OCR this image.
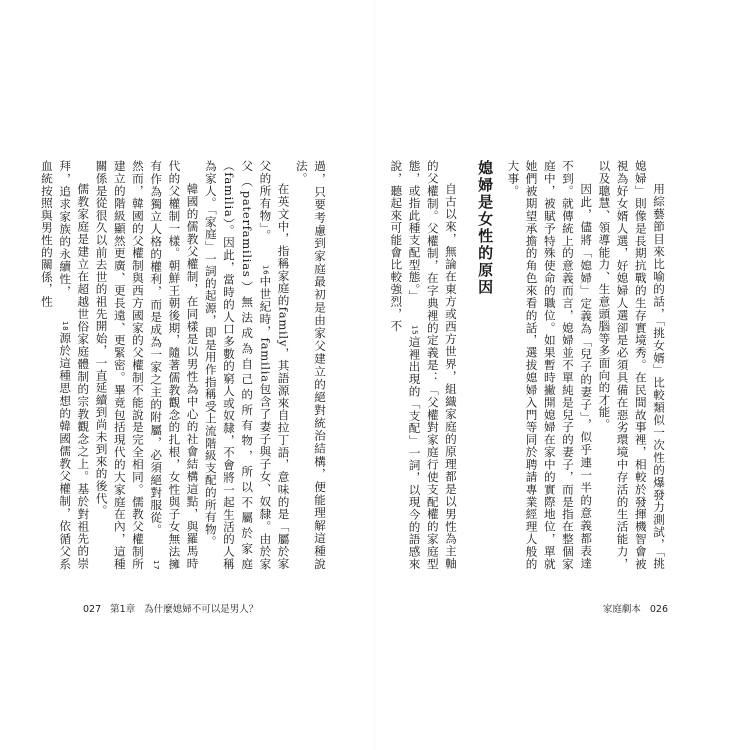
用綜藝節目來比喻的話，「挑女婿」比較類似一次性的爆發力測試，「挑媳婦」則像是長期抗戰的生存實境秀。在民間故事裡，相較於發揮機智會被視為好女婿人選，好媳婦人選卻是必須具備在惡劣環境中存活的生活能力，以及聰慧、領導能力、生意頭腦等多面向的才能。

因此，儘將「媳婦」定義為「兒子的妻子」，似乎連一半的意義都表達不到。就傳統上的意義而言，媳婦並不單純是兒子的妻子，而是指在整個家庭中，被賦予特殊使命的職位。如果暫時撇開媳婦在家中的實際地位，單就她們被期望承擔的角色來看的話，選拔媳婦入門等同於聘請專業經理人般的大事。

媳婦是女性的原因

自古以來，無論在東方或西方世界，組織家庭的原理都是以男性為主軸的父權制。父權制，在字典裡的定義是：「父權對家庭行使支配權的家庭型態，或指此種支配型態。」15這裡出現的「支配」一詞，以現今的語感來說，聽起來可能會比較強烈，不

過，只要考慮到家庭最初是由家父建立的絕對統治結構，便能理解這種說法。

在英文中，指稱家庭的family，其語源來自拉丁語，意味的是「屬於家父的所有物」。16中世紀時，familia包含了妻子與子女、奴隸。由於家父（paterfamilias）無法成為自己的所有物，所以不屬於家庭（familia）。因此，當時的人口多數的窮人或奴隸，不會將一起生活的人稱為家人。「家庭」一詞的起源，即是用作指稱受上流階級支配的所有物。

韓國的儒教父權制，在同樣是以男性為中心的社會結構這點，與羅馬時代的父權制一樣。朝鮮王朝後期，隨著儒教觀念的扎根，女性與子女無法擁有作為獨立人格的權利，而是成為一家之主的附屬，必須絕對服從。17然而，韓國的父權制與西方國家的父權制不能說是完全相同。儒教父權制所建立的階級顯然更廣、更長遠、更緊密。畢竟包括現代的大家庭在內，這種關係是從很久以前去世的祖先開始，一直延續到尚未到來的後代。

儒教家庭是建立在超越世俗家庭體制的宗教觀念之上。基於對祖先的崇拜，追求家族的永續性，18源於這種思想的韓國儒教父權制，依循父系血統按照與男性的關係，性

027 第1章 為什麼媳婦不可以是男人？	家庭劇本 026
